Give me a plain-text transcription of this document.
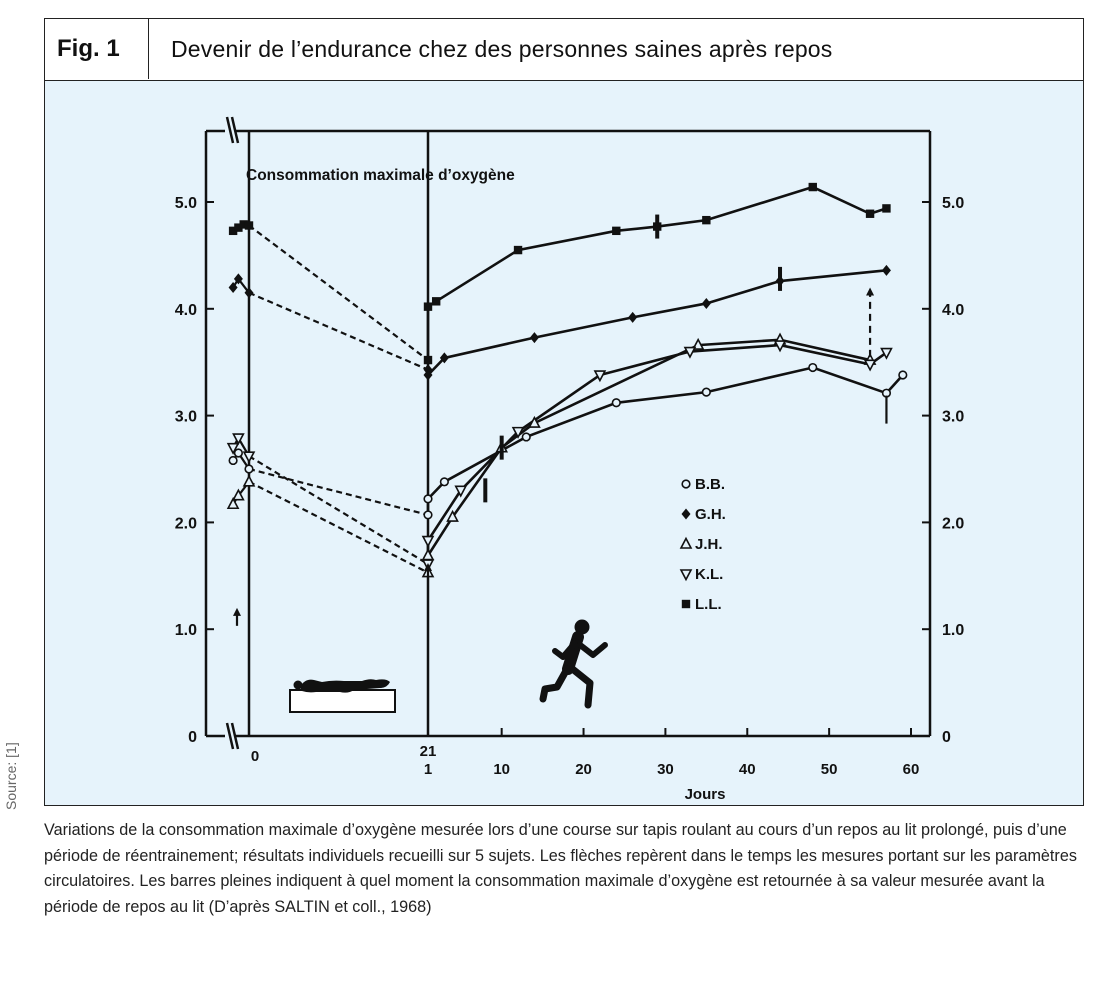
Fig. 1	Devenir de l’endurance chez des personnes saines après repos
Consommation maximale d’oxygène
Jours
0	0
1.0	1.0
2.0	2.0
3.0	3.0
4.0	4.0
5.0	5.0
0	21
1	10	20	30	40	50	60
B.B.
G.H.
J.H.
K.L.
L.L.
Source: [1]
Variations de la consommation maximale d’oxygène mesurée lors d’une course sur tapis roulant au cours d’un repos au lit prolongé, puis d’une période de réentrainement; résultats individuels recueilli sur 5 sujets. Les flèches repèrent dans le temps les mesures portant sur les paramètres circulatoires. Les barres pleines indiquent à quel moment la consommation maximale d’oxygène est retournée à sa valeur mesurée avant la période de repos au lit (D’après SALTIN et coll., 1968)
